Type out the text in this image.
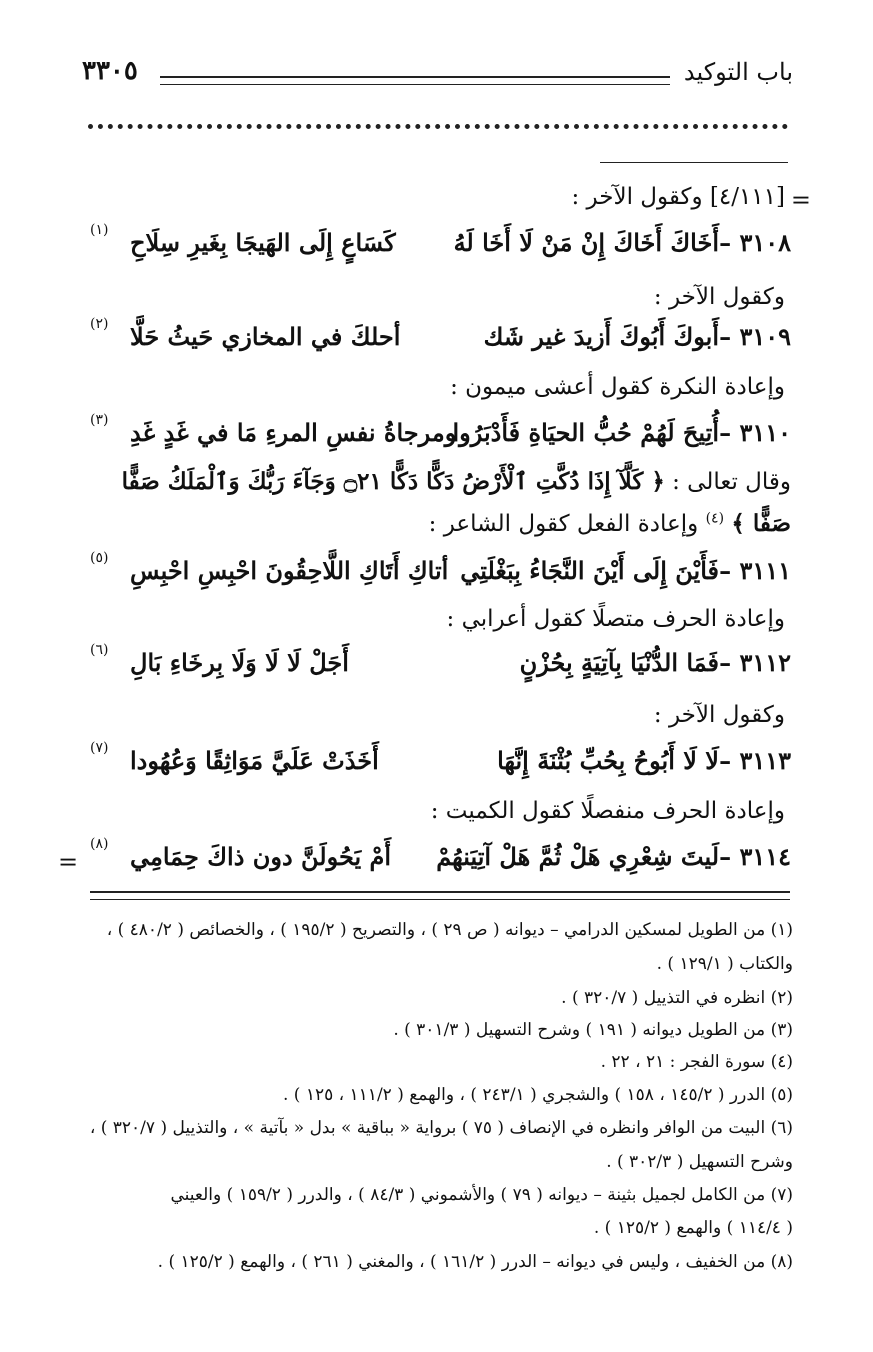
باب التوكيد
٣٣٠٥
=
=
[٤/١١١] وكقول الآخر :
٣١٠٨ –
أَخَاكَ أَخَاكَ إِنْ مَنْ لَا أَخَا لَهُ
كَسَاعٍ إِلَى الهَيجَا بِغَيرِ سِلَاحِ
(١)
وكقول الآخر :
٣١٠٩ –
أَبوكَ أَبُوكَ أَزيدَ غير شَك
أحلكَ في المخازي حَيثُ حَلَّا
(٢)
وإعادة النكرة كقول أعشى ميمون :
٣١١٠ –
أُتِيحَ لَهُمْ حُبُّ الحيَاةِ فَأَدْبَرُوا
ومرجاةُ نفسِ المرءِ مَا في غَدٍ غَدِ
(٣)
وقال تعالى : ﴿ كَلَّآ إِذَا دُكَّتِ ٱلْأَرْضُ دَكًّا دَكًّا ۝٢١ وَجَآءَ رَبُّكَ وَٱلْمَلَكُ صَفًّا
صَفًّا ﴾ $^{(٤)}$ وإعادة الفعل كقول الشاعر :
٣١١١ –
فَأَيْنَ إِلَى أَيْنَ النَّجَاءُ بِبَغْلَتِي
أتاكِ أَتَاكِ اللَّاحِقُونَ احْبِسِ احْبِسِ
(٥)
وإعادة الحرف متصلًا كقول أعرابي :
٣١١٢ –
فَمَا الدُّنْيَا بِآتِيَةٍ بِحُزْنٍ
أَجَلْ لَا لَا وَلَا بِرخَاءِ بَالِ
(٦)
وكقول الآخر :
٣١١٣ –
لَا لَا أَبُوحُ بِحُبِّ بُثْنَةَ إِنَّهَا
أَخَذَتْ عَلَيَّ مَوَاثِقًا وَعُهُودا
(٧)
وإعادة الحرف منفصلًا كقول الكميت :
٣١١٤ –
لَيتَ شِعْرِي هَلْ ثُمَّ هَلْ آتِيَنهُمْ
أَمْ يَحُولَنَّ دون ذاكَ حِمَامِي
(٨)
(١) من الطويل لمسكين الدرامي – ديوانه ( ص ٢٩ ) ، والتصريح ( ١٩٥/٢ ) ، والخصائص ( ٤٨٠/٢ ) ،
والكتاب ( ١٢٩/١ ) .
(٢) انظره في التذييل ( ٣٢٠/٧ ) .
(٣) من الطويل ديوانه ( ١٩١ ) وشرح التسهيل ( ٣٠١/٣ ) .
(٤) سورة الفجر : ٢١ ، ٢٢ .
(٥) الدرر ( ١٤٥/٢ ، ١٥٨ ) والشجري ( ٢٤٣/١ ) ، والهمع ( ١١١/٢ ، ١٢٥ ) .
(٦) البيت من الوافر وانظره في الإنصاف ( ٧٥ ) برواية « بباقية » بدل « بآتية » ، والتذييل ( ٣٢٠/٧ ) ،
وشرح التسهيل ( ٣٠٢/٣ ) .
(٧) من الكامل لجميل بثينة – ديوانه ( ٧٩ ) والأشموني ( ٨٤/٣ ) ، والدرر ( ١٥٩/٢ ) والعيني
( ١١٤/٤ ) والهمع ( ١٢٥/٢ ) .
(٨) من الخفيف ، وليس في ديوانه – الدرر ( ١٦١/٢ ) ، والمغني ( ٢٦١ ) ، والهمع ( ١٢٥/٢ ) .
